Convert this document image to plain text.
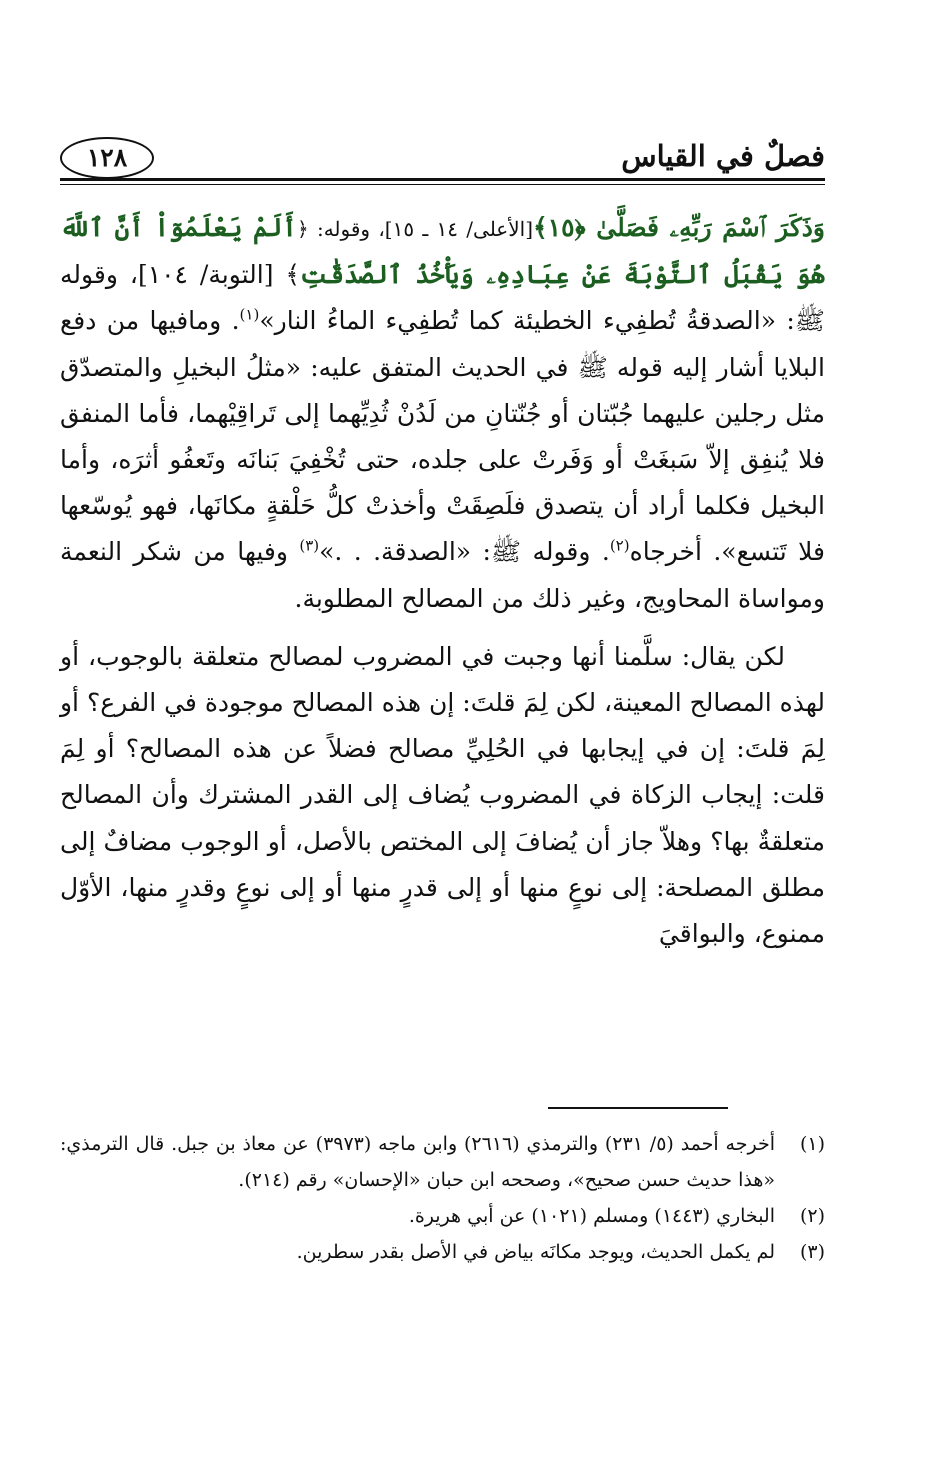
فصلٌ في القياس
١٢٨

وَذَكَرَ ٱسْمَ رَبِّهِۦ فَصَلَّىٰ ﴿١٥﴾[الأعلى/ ١٤ ـ ١٥]، وقوله: ﴿أَلَمْ يَعْلَمُوٓاْ أَنَّ ٱللَّهَ هُوَ يَقْبَلُ ٱلتَّوْبَةَ عَنْ عِبَادِهِۦ وَيَأْخُذُ ٱلصَّدَقَٰتِ﴾ [التوبة/ ١٠٤]، وقوله ﷺ: «الصدقةُ تُطفِيء الخطيئة كما تُطفِيء الماءُ النار»$^{(١)}$. ومافيها من دفع البلايا أشار إليه قوله ﷺ في الحديث المتفق عليه: «مثلُ البخيلِ والمتصدّق مثل رجلين عليهما جُبّتان أو جُنّتانِ من لَدُنْ ثُدِيِّهما إلى تَراقِيْهما، فأما المنفق فلا يُنفِق إلاّ سَبغَتْ أو وَفَرتْ على جلده، حتى تُخْفِيَ بَنانَه وتَعفُو أثرَه، وأما البخيل فكلما أراد أن يتصدق فلَصِقَتْ وأخذتْ كلُّ حَلْقةٍ مكانَها، فهو يُوسّعها فلا تَتسع». أخرجاه$^{(٢)}$. وقوله ﷺ: «الصدقة. . .»$^{(٣)}$ وفيها من شكر النعمة ومواساة المحاويج، وغير ذلك من المصالح المطلوبة.

لكن يقال: سلَّمنا أنها وجبت في المضروب لمصالح متعلقة بالوجوب، أو لهذه المصالح المعينة، لكن لِمَ قلتَ: إن هذه المصالح موجودة في الفرع؟ أو لِمَ قلتَ: إن في إيجابها في الحُلِيِّ مصالح فضلاً عن هذه المصالح؟ أو لِمَ قلت: إيجاب الزكاة في المضروب يُضاف إلى القدر المشترك وأن المصالح متعلقةٌ بها؟ وهلاّ جاز أن يُضافَ إلى المختص بالأصل، أو الوجوب مضافٌ إلى مطلق المصلحة: إلى نوعٍ منها أو إلى قدرٍ منها أو إلى نوعٍ وقدرٍ منها، الأوّل ممنوع، والبواقيَ

(١)
أخرجه أحمد (٥/ ٢٣١) والترمذي (٢٦١٦) وابن ماجه (٣٩٧٣) عن معاذ بن جبل. قال الترمذي: «هذا حديث حسن صحيح»، وصححه ابن حبان «الإحسان» رقم (٢١٤).
(٢)
البخاري (١٤٤٣) ومسلم (١٠٢١) عن أبي هريرة.
(٣)
لم يكمل الحديث، ويوجد مكانَه بياض في الأصل بقدر سطرين.
